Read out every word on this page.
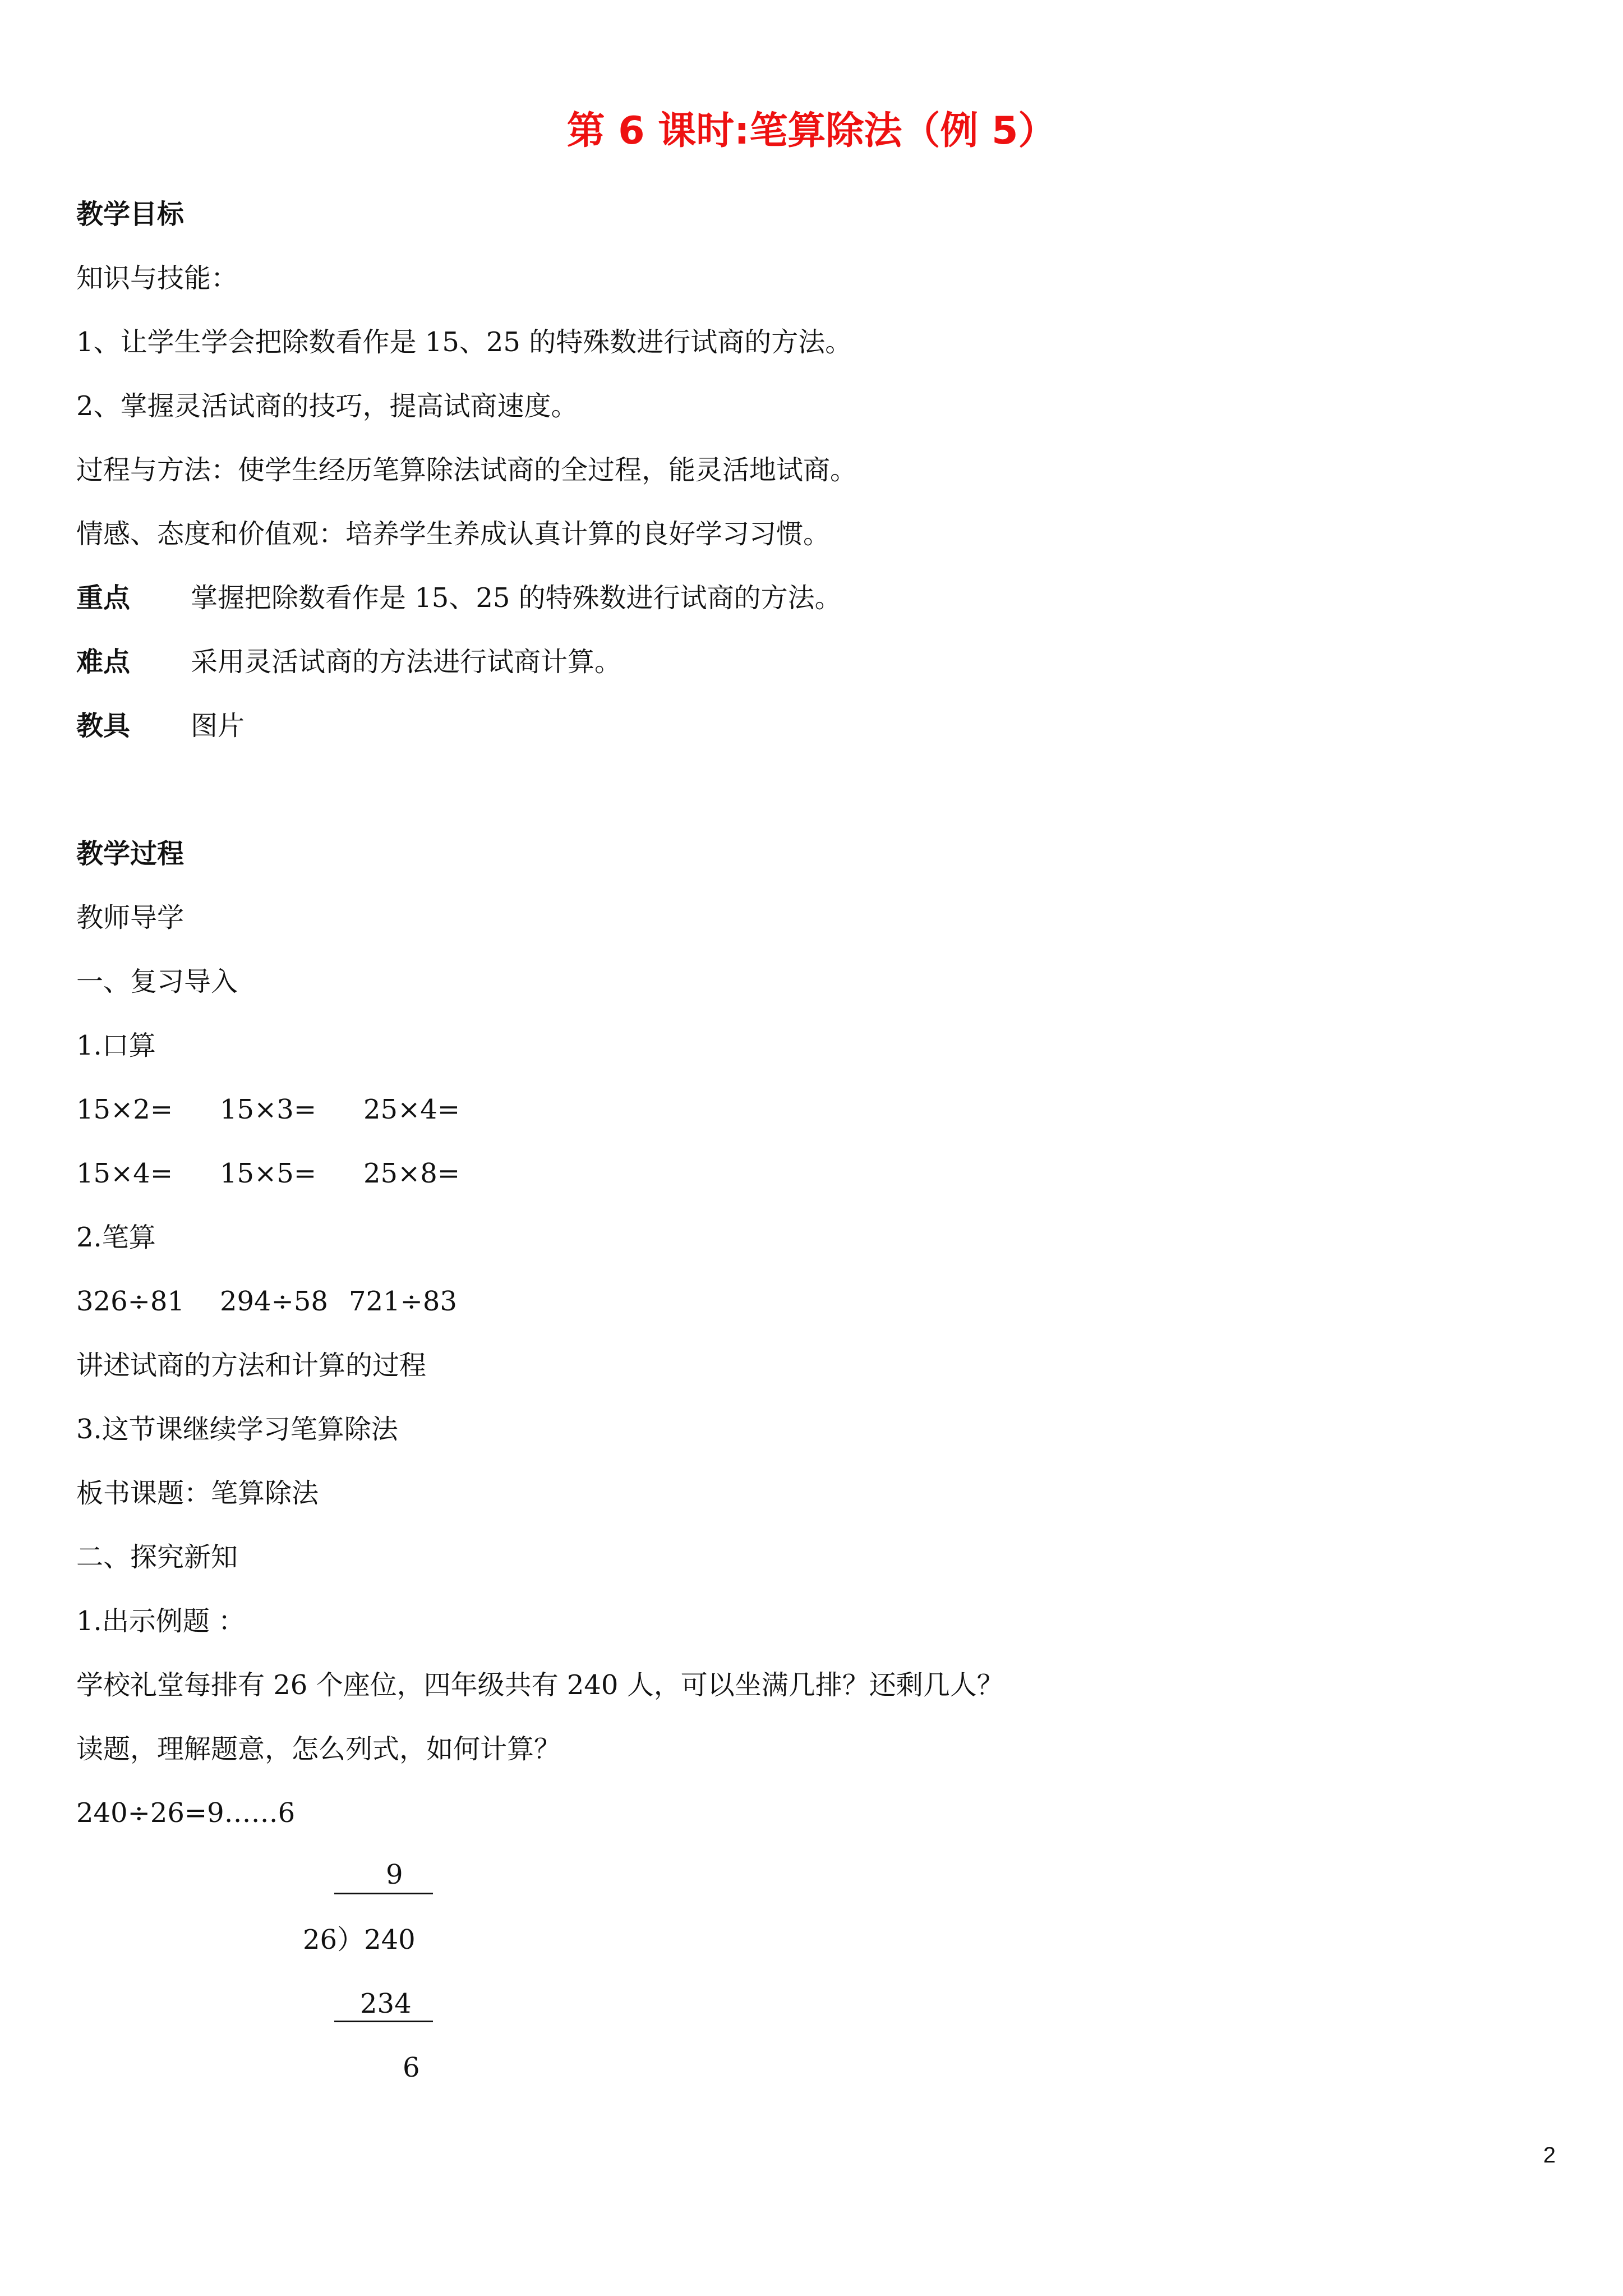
第 6 课时:笔算除法（例 5）
教学目标
知识与技能：
1、让学生学会把除数看作是 15、25 的特殊数进行试商的方法。
2、掌握灵活试商的技巧，提高试商速度。
过程与方法：使学生经历笔算除法试商的全过程，能灵活地试商。
情感、态度和价值观：培养学生养成认真计算的良好学习习惯。
重点 掌握把除数看作是 15、25 的特殊数进行试商的方法。
难点 采用灵活试商的方法进行试商计算。
教具 图片
教学过程
教师导学
一、复习导入
1.口算
15×2= 15×3= 25×4=
15×4= 15×5= 25×8=
2.笔算
326÷81 294÷58 721÷83
讲述试商的方法和计算的过程
3.这节课继续学习笔算除法
板书课题：笔算除法
二、探究新知
1.出示例题 ：
学校礼堂每排有 26 个座位，四年级共有 240 人，可以坐满几排？还剩几人？
读题，理解题意，怎么列式，如何计算？
240÷26=9……6
9
26）240
234
6
2
